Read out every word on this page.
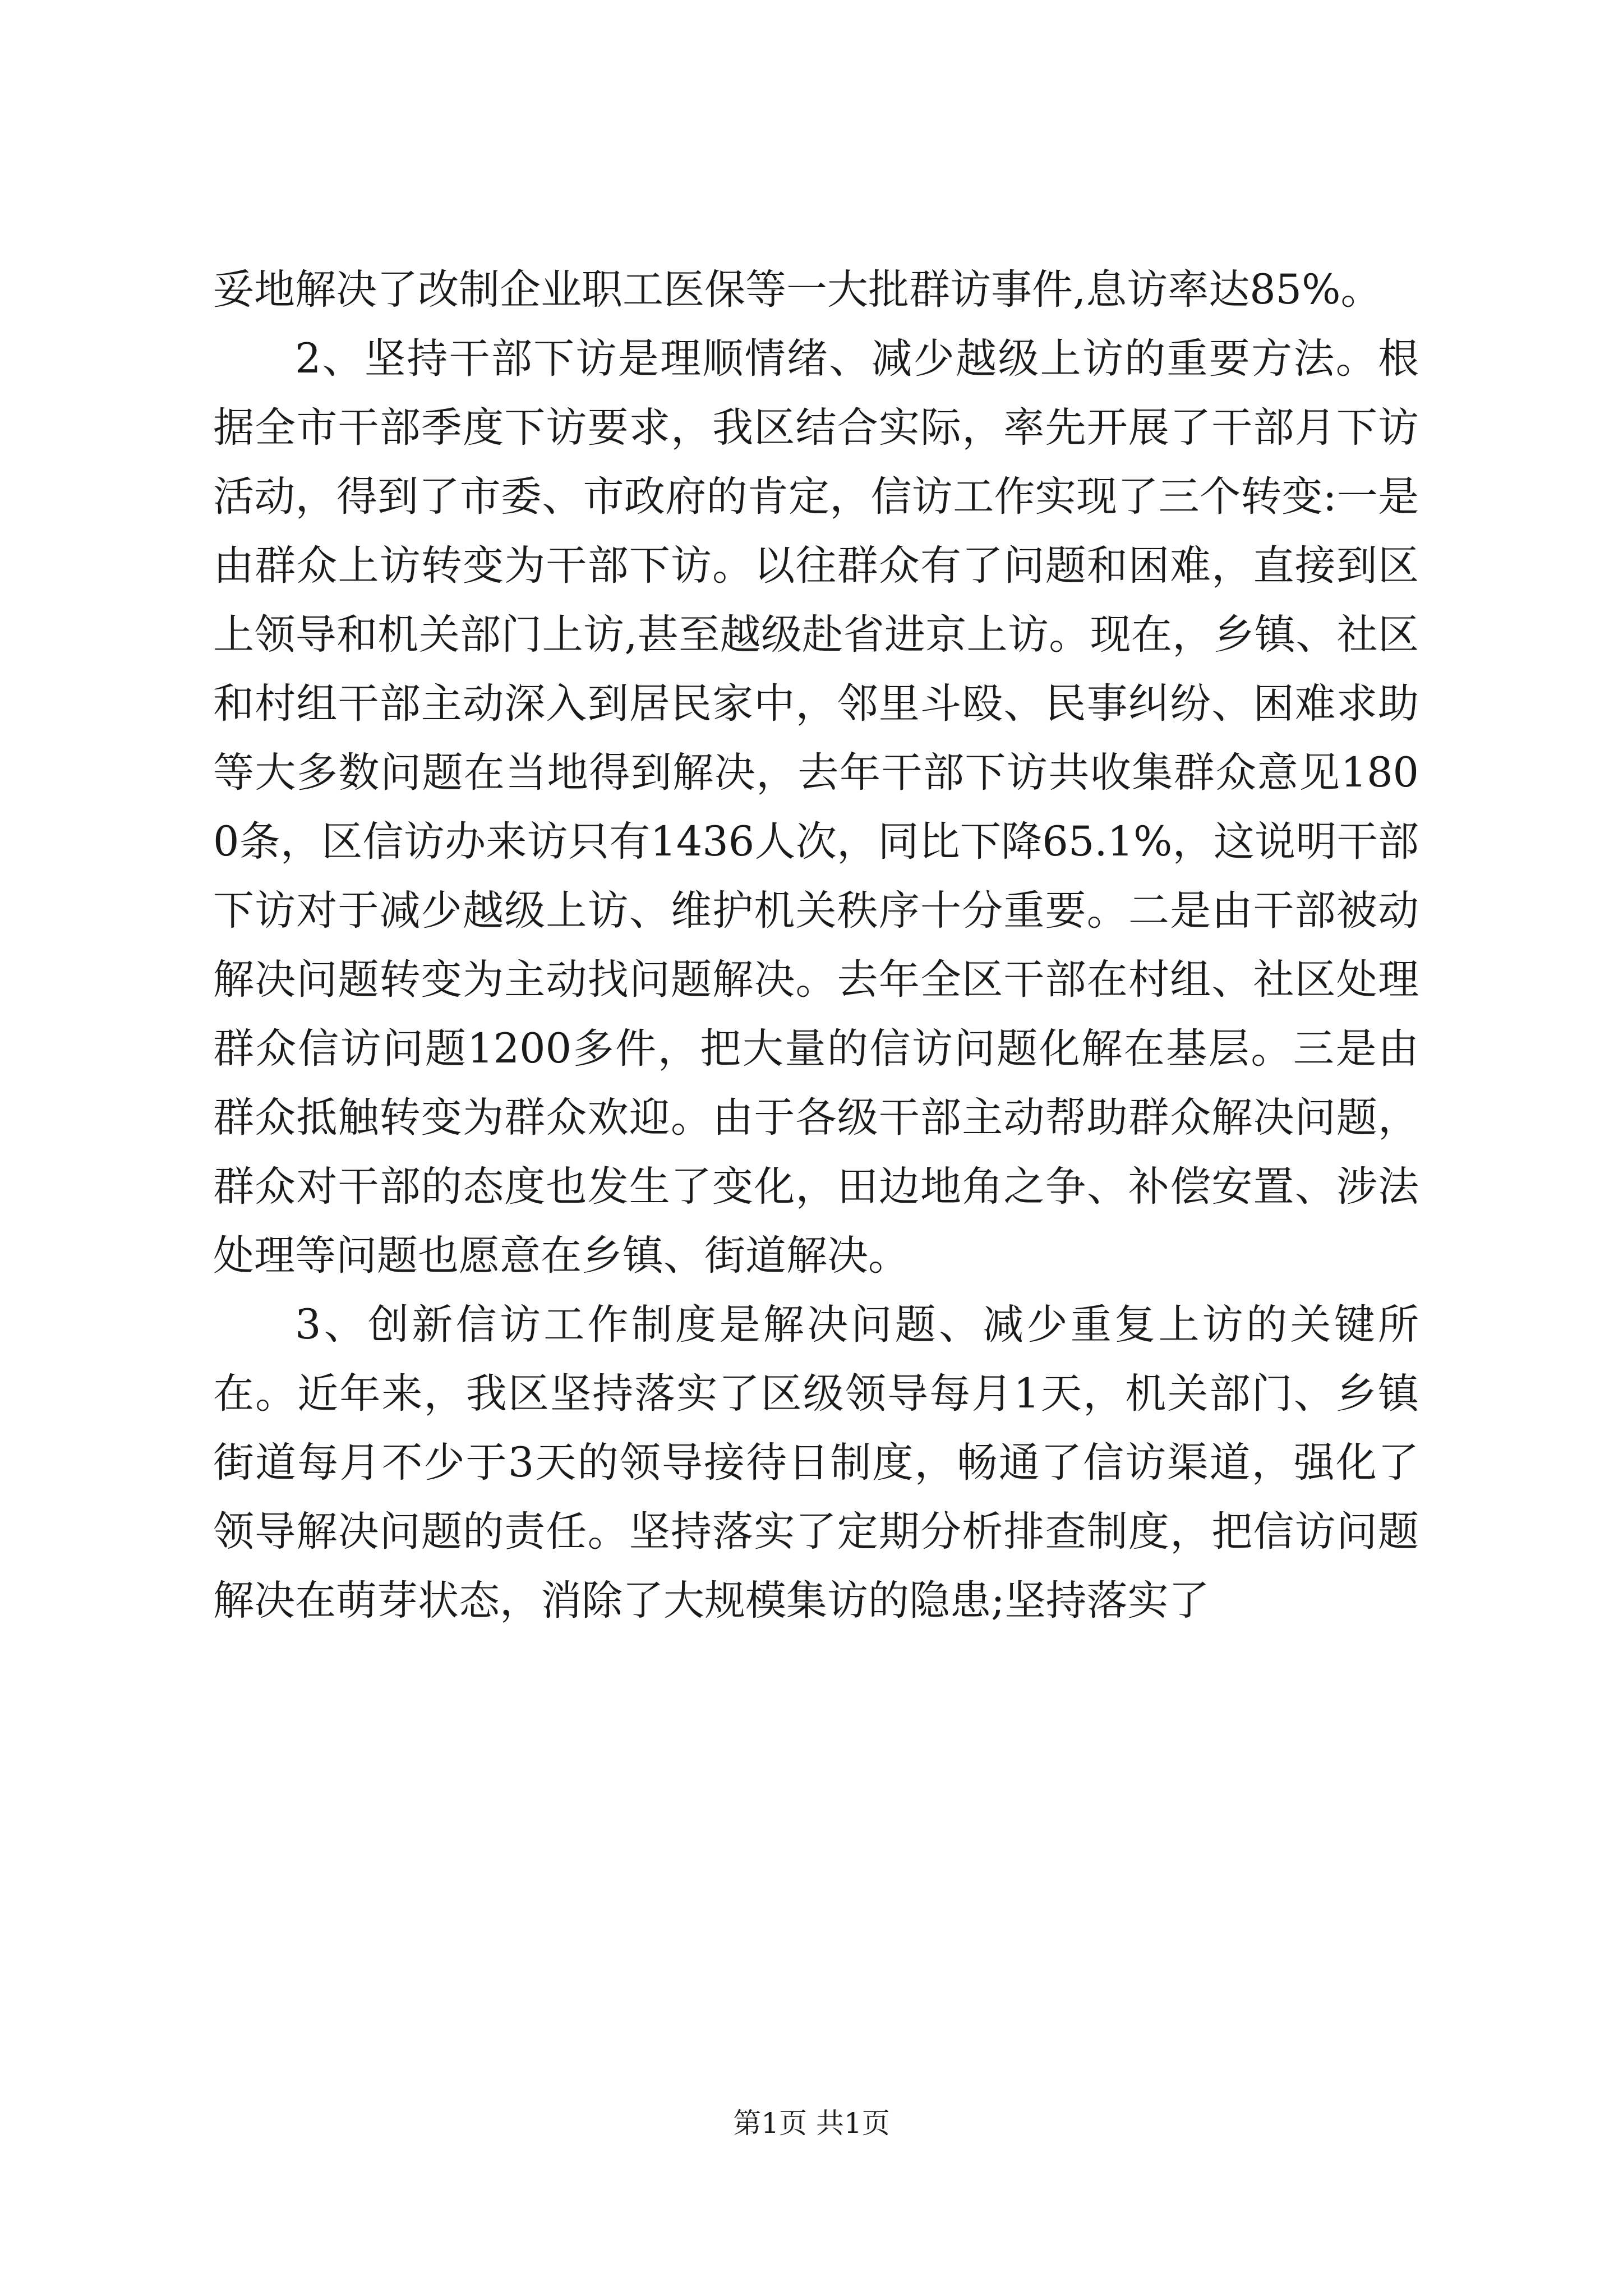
妥地解决了改制企业职工医保等一大批群访事件,息访率达85%。

2、坚持干部下访是理顺情绪、减少越级上访的重要方法。根据全市干部季度下访要求，我区结合实际，率先开展了干部月下访活动，得到了市委、市政府的肯定，信访工作实现了三个转变:一是由群众上访转变为干部下访。以往群众有了问题和困难，直接到区上领导和机关部门上访,甚至越级赴省进京上访。现在，乡镇、社区和村组干部主动深入到居民家中，邻里斗殴、民事纠纷、困难求助等大多数问题在当地得到解决，去年干部下访共收集群众意见1800条，区信访办来访只有1436人次，同比下降65.1%，这说明干部下访对于减少越级上访、维护机关秩序十分重要。二是由干部被动解决问题转变为主动找问题解决。去年全区干部在村组、社区处理群众信访问题1200多件，把大量的信访问题化解在基层。三是由群众抵触转变为群众欢迎。由于各级干部主动帮助群众解决问题，群众对干部的态度也发生了变化，田边地角之争、补偿安置、涉法处理等问题也愿意在乡镇、街道解决。

3、创新信访工作制度是解决问题、减少重复上访的关键所在。近年来，我区坚持落实了区级领导每月1天，机关部门、乡镇街道每月不少于3天的领导接待日制度，畅通了信访渠道，强化了领导解决问题的责任。坚持落实了定期分析排查制度，把信访问题解决在萌芽状态，消除了大规模集访的隐患;坚持落实了

第1页 共1页
